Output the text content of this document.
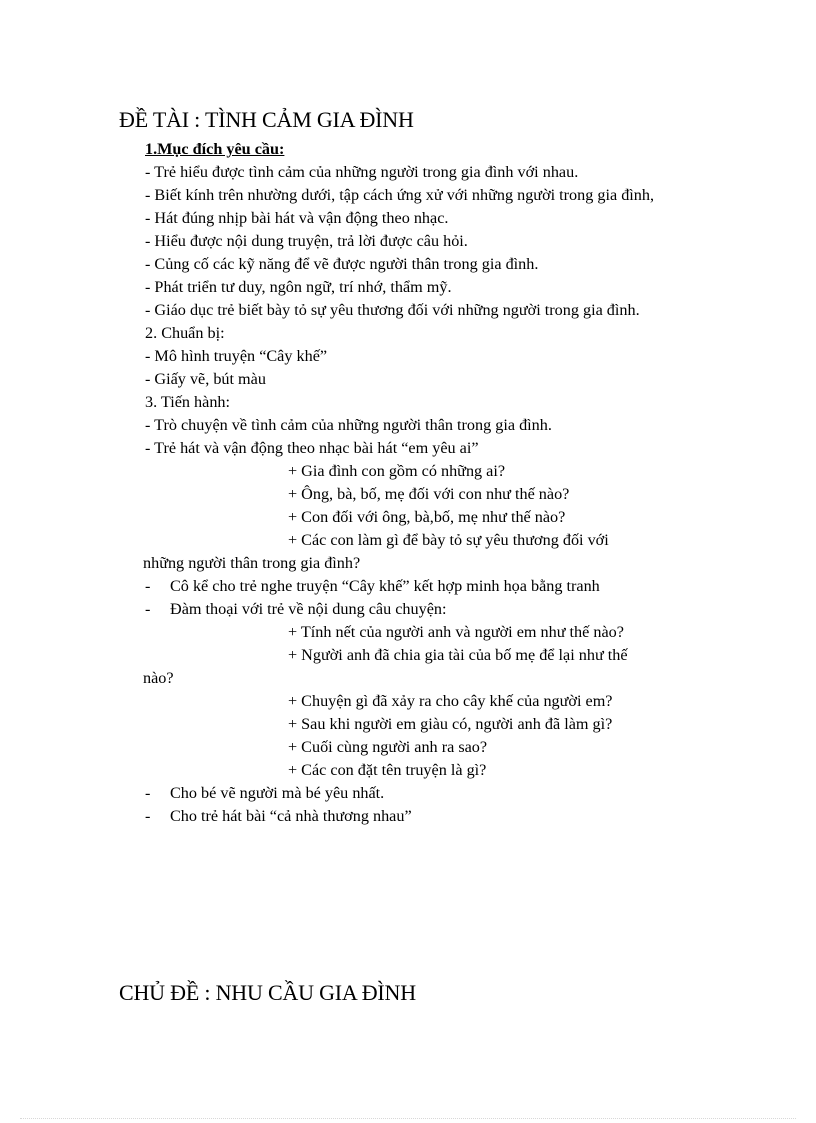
ĐỀ TÀI : TÌNH CẢM GIA ĐÌNH
1.Mục đích yêu cầu:
- Trẻ hiểu được tình cảm của những người trong gia đình với nhau.
- Biết kính trên nhường dưới, tập cách ứng xử với những người trong gia đình,
- Hát đúng nhịp bài hát và vận động theo nhạc.
- Hiểu được nội dung truyện, trả lời được câu hỏi.
- Củng cố các kỹ năng để vẽ được người thân trong gia đình.
- Phát triển tư duy, ngôn ngữ, trí nhớ, thẩm mỹ.
- Giáo dục trẻ biết bày tỏ sự yêu thương đối với những người trong gia đình.
2. Chuẩn bị:
- Mô hình truyện “Cây khế”
- Giấy vẽ, bút màu
3. Tiến hành:
- Trò chuyện về tình cảm của những người thân trong gia đình.
- Trẻ hát và vận động theo nhạc bài hát “em yêu ai”
+ Gia đình con gồm có những ai?
+ Ông, bà, bố, mẹ đối với con như thế nào?
+ Con đối với ông, bà,bố, mẹ như thế nào?
+ Các con làm gì để bày tỏ sự yêu thương đối với
những người thân trong gia đình?
-	Cô kể cho trẻ nghe truyện “Cây khế” kết hợp minh họa bằng tranh
-	Đàm thoại với trẻ về nội dung câu chuyện:
+ Tính nết của người anh và người em như thế nào?
+ Người anh đã chia gia tài của bố mẹ để lại như thế
nào?
+ Chuyện gì đã xảy ra cho cây khế của người em?
+ Sau khi người em giàu có, người anh đã làm gì?
+ Cuối cùng người anh ra sao?
+ Các con đặt tên truyện là gì?
-	Cho bé vẽ người mà bé yêu nhất.
-	Cho trẻ hát bài “cả nhà thương nhau”
CHỦ ĐỀ : NHU CẦU GIA ĐÌNH
